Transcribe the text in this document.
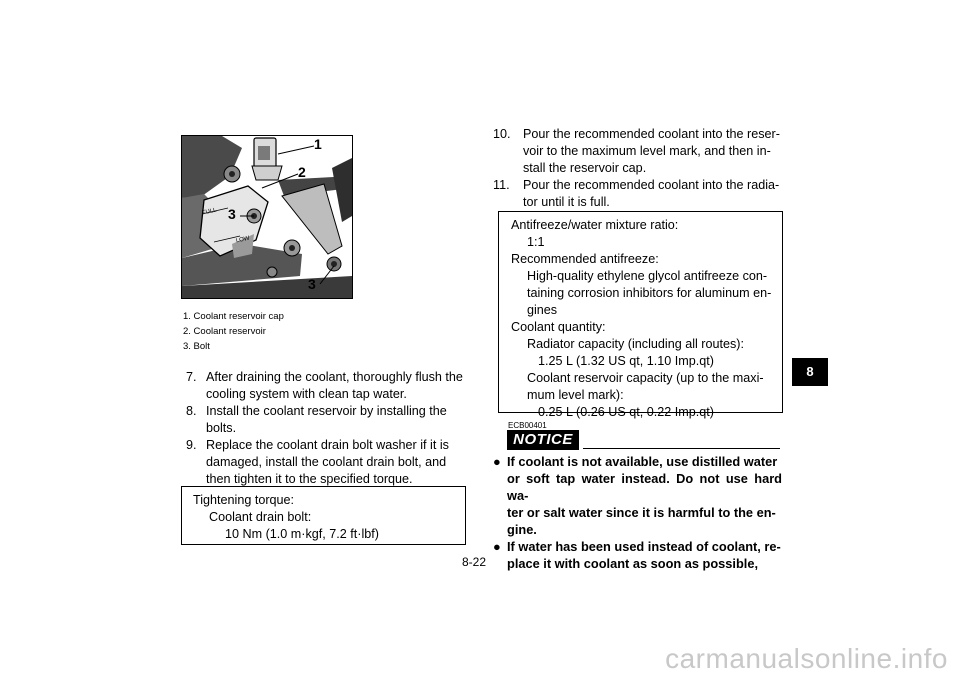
1
2
3
3
FULL
LOW
1. Coolant reservoir cap
2. Coolant reservoir
3. Bolt
7. After draining the coolant, thoroughly flush the
cooling system with clean tap water.
8. Install the coolant reservoir by installing the
bolts.
9. Replace the coolant drain bolt washer if it is
damaged, install the coolant drain bolt, and
then tighten it to the specified torque.
Tightening torque:
Coolant drain bolt:
10 Nm (1.0 m·kgf, 7.2 ft·lbf)
10. Pour the recommended coolant into the reser-
voir to the maximum level mark, and then in-
stall the reservoir cap.
11. Pour the recommended coolant into the radia-
tor until it is full.
Antifreeze/water mixture ratio:
1:1
Recommended antifreeze:
High-quality ethylene glycol antifreeze con-
taining corrosion inhibitors for aluminum en-
gines
Coolant quantity:
Radiator capacity (including all routes):
1.25 L (1.32 US qt, 1.10 Imp.qt)
Coolant reservoir capacity (up to the maxi-
mum level mark):
0.25 L (0.26 US qt, 0.22 Imp.qt)
ECB00401
NOTICE
● If coolant is not available, use distilled water
or soft tap water instead. Do not use hard wa-
ter or salt water since it is harmful to the en-
gine.
● If water has been used instead of coolant, re-
place it with coolant as soon as possible,
8
8-22
carmanualsonline.info
